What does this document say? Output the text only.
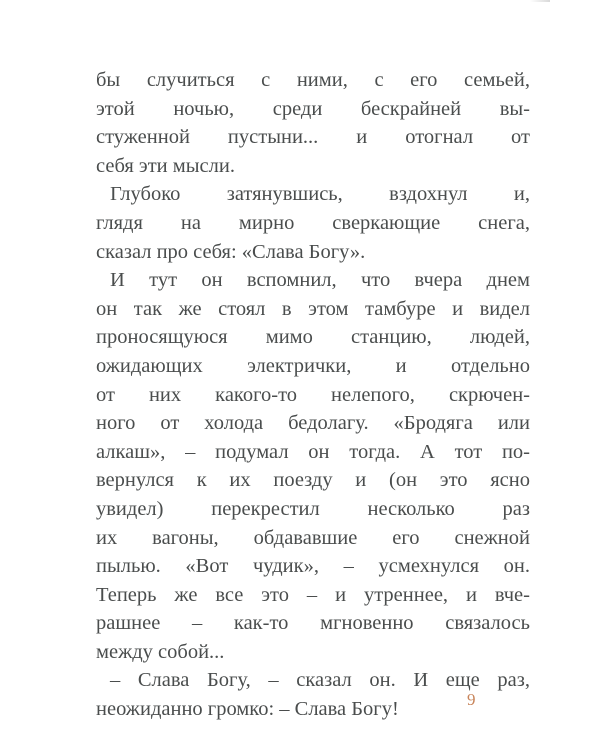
бы случиться с ними, с его семьей,
этой ночью, среди бескрайней вы-
стуженной пустыни... и отогнал от
себя эти мысли.
Глубоко затянувшись, вздохнул и,
глядя на мирно сверкающие снега,
сказал про себя: «Слава Богу».
И тут он вспомнил, что вчера днем
он так же стоял в этом тамбуре и видел
проносящуюся мимо станцию, людей,
ожидающих электрички, и отдельно
от них какого-то нелепого, скрючен-
ного от холода бедолагу. «Бродяга или
алкаш», – подумал он тогда. А тот по-
вернулся к их поезду и (он это ясно
увидел) перекрестил несколько раз
их вагоны, обдававшие его снежной
пылью. «Вот чудик», – усмехнулся он.
Теперь же все это – и утреннее, и вче-
рашнее – как-то мгновенно связалось
между собой...
– Слава Богу, – сказал он. И еще раз,
неожиданно громко: – Слава Богу!	9
